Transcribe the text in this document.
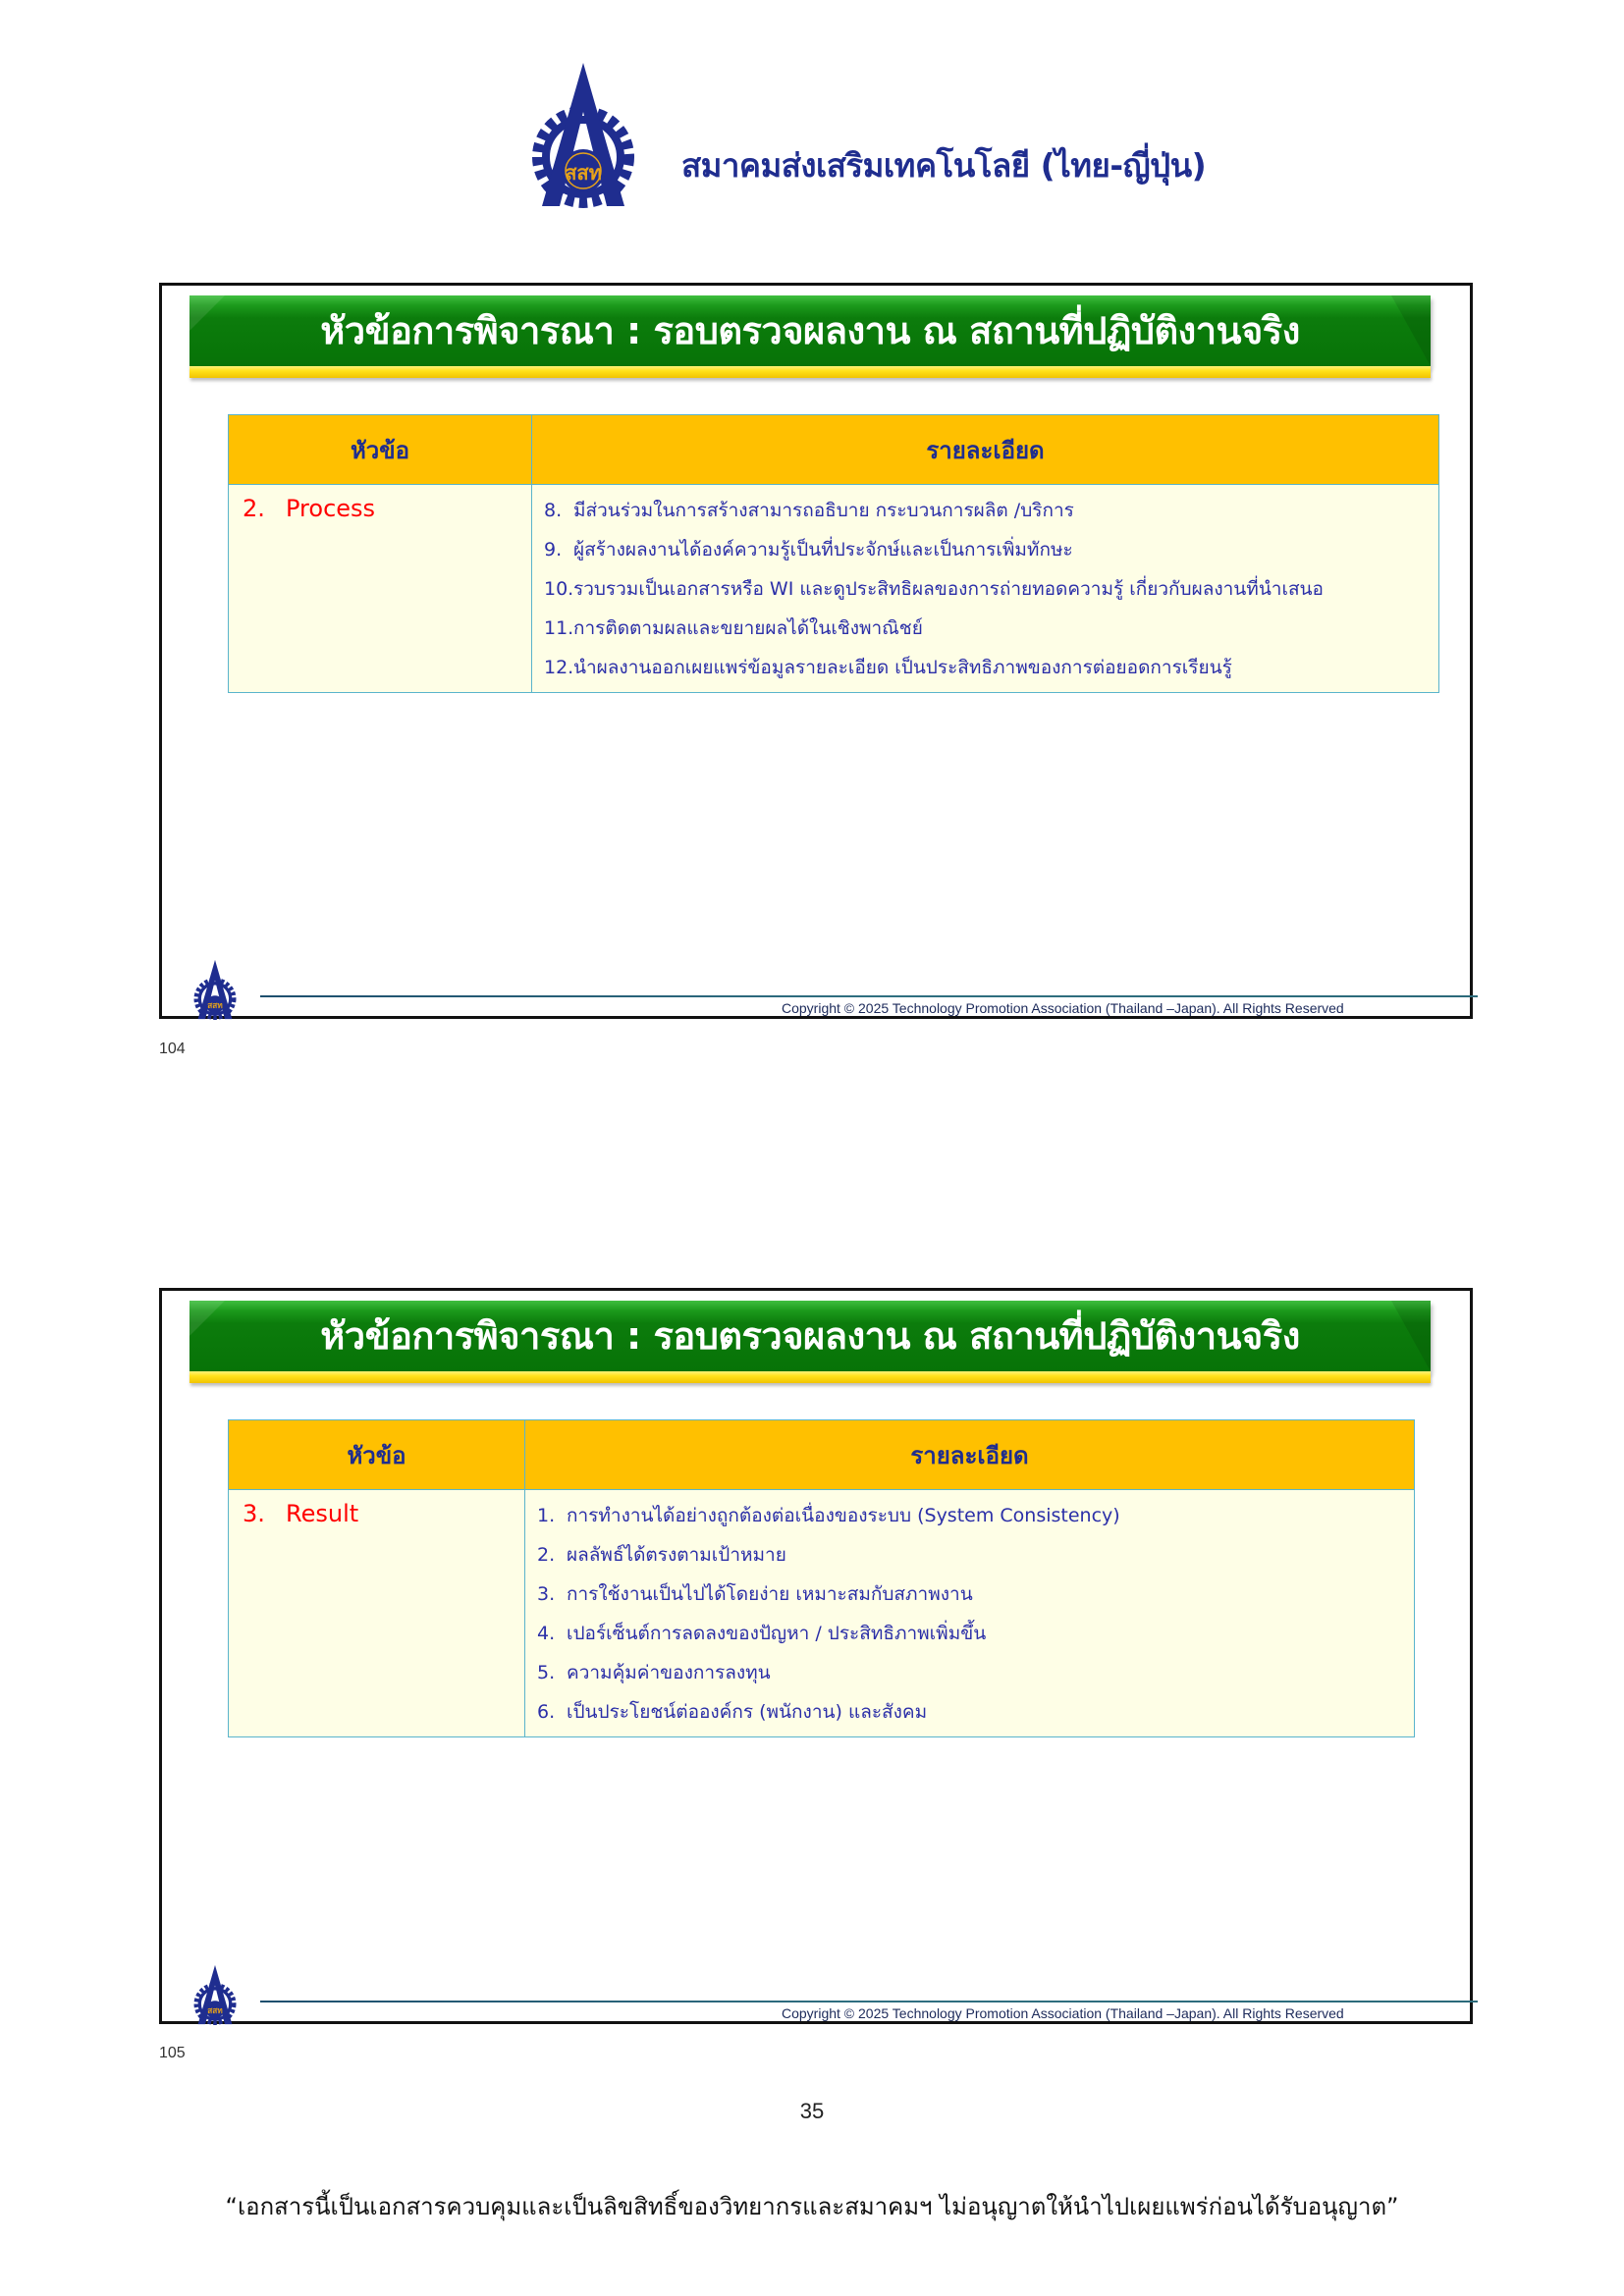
สสท สมาคมส่งเสริมเทคโนโลยี (ไทย-ญี่ปุ่น)
หัวข้อการพิจารณา : รอบตรวจผลงาน ณ สถานที่ปฏิบัติงานจริง
หัวข้อ	รายละเอียด

2. Process	8. มีส่วนร่วมในการสร้างสามารถอธิบาย กระบวนการผลิต /บริการ
9. ผู้สร้างผลงานได้องค์ความรู้เป็นที่ประจักษ์และเป็นการเพิ่มทักษะ
10. รวบรวมเป็นเอกสารหรือ WI และดูประสิทธิผลของการถ่ายทอดความรู้ เกี่ยวกับผลงานที่นำเสนอ
11. การติดตามผลและขยายผลได้ในเชิงพาณิชย์
12. นำผลงานออกเผยแพร่ข้อมูลรายละเอียด เป็นประสิทธิภาพของการต่อยอดการเรียนรู้
สสท	Copyright © 2025 Technology Promotion Association (Thailand –Japan). All Rights Reserved
104
หัวข้อการพิจารณา : รอบตรวจผลงาน ณ สถานที่ปฏิบัติงานจริง
หัวข้อ	รายละเอียด

3. Result	1. การทำงานได้อย่างถูกต้องต่อเนื่องของระบบ (System Consistency)
2. ผลลัพธ์ได้ตรงตามเป้าหมาย
3. การใช้งานเป็นไปได้โดยง่าย เหมาะสมกับสภาพงาน
4. เปอร์เซ็นต์การลดลงของปัญหา / ประสิทธิภาพเพิ่มขึ้น
5. ความคุ้มค่าของการลงทุน
6. เป็นประโยชน์ต่อองค์กร (พนักงาน) และสังคม
สสท	Copyright © 2025 Technology Promotion Association (Thailand –Japan). All Rights Reserved
105
35
“เอกสารนี้เป็นเอกสารควบคุมและเป็นลิขสิทธิ์ของวิทยากรและสมาคมฯ ไม่อนุญาตให้นำไปเผยแพร่ก่อนได้รับอนุญาต”
